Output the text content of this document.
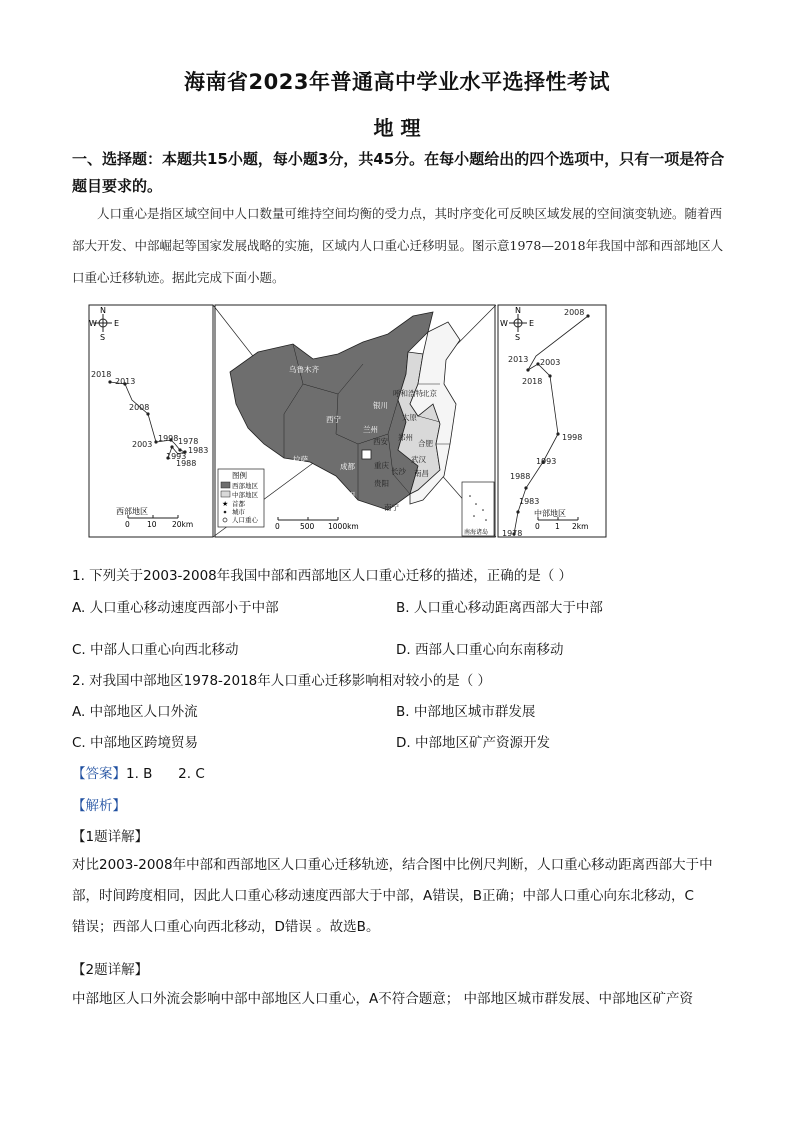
海南省2023年普通高中学业水平选择性考试
地 理
一、选择题：本题共15小题，每小题3分，共45分。在每小题给出的四个选项中，只有一项是符合题目要求的。
人口重心是指区域空间中人口数量可维持空间均衡的受力点，其时序变化可反映区域发展的空间演变轨迹。随着西部大开发、中部崛起等国家发展战略的实施，区域内人口重心迁移明显。图示意1978—2018年我国中部和西部地区人口重心迁移轨迹。据此完成下面小题。
N
W E
S
2018
2013
2008
2003
1998 1978
1983
1993
1988
西部地区
0 10 20km
乌鲁木齐
呼和浩特
银川
北京
太原
西宁
兰州
西安 郑州
合肥
拉萨
成都	重庆
武汉
长沙 南昌
贵阳
昆明
南宁
图例
西部地区
中部地区
★ 首都
城市
人口重心
0	500 1000km
南海诸岛
N
W	E
S
2008
2013 2003
2018
1998
1993
1988
1983
1978
中部地区
0 1 2km
1. 下列关于2003-2008年我国中部和西部地区人口重心迁移的描述，正确的是（ ）
A. 人口重心移动速度西部小于中部	B. 人口重心移动距离西部大于中部
C. 中部人口重心向西北移动	D. 西部人口重心向东南移动
2. 对我国中部地区1978-2018年人口重心迁移影响相对较小的是（ ）
A. 中部地区人口外流	B. 中部地区城市群发展
C. 中部地区跨境贸易	D. 中部地区矿产资源开发
【答案】1. B      2. C
【解析】
【1题详解】
对比2003-2008年中部和西部地区人口重心迁移轨迹，结合图中比例尺判断，人口重心移动距离西部大于中
部，时间跨度相同，因此人口重心移动速度西部大于中部，A错误，B正确；中部人口重心向东北移动，C
错误；西部人口重心向西北移动，D错误 。故选B。
【2题详解】
中部地区人口外流会影响中部中部地区人口重心，A不符合题意； 中部地区城市群发展、中部地区矿产资
